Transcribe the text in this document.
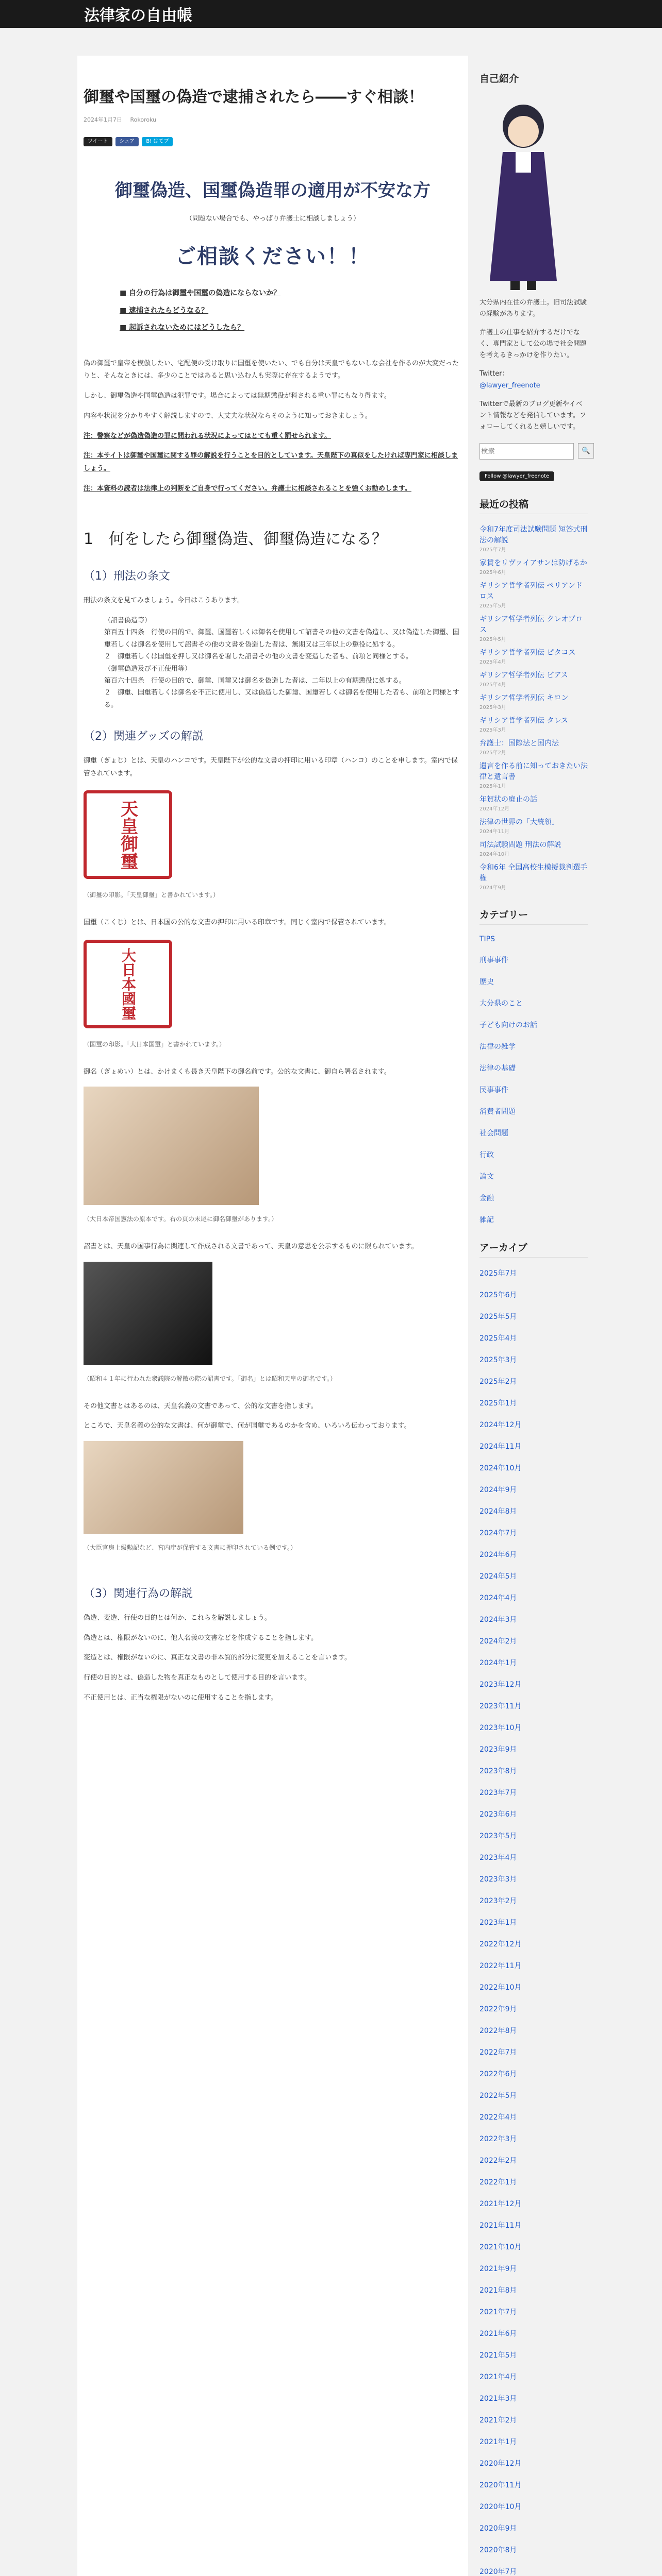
法律家の自由帳
御璽や国璽の偽造で逮捕されたら――すぐ相談！
2024年1月7日 Rokoroku
ツイート	シェア	B! はてブ
御璽偽造、国璽偽造罪の適用が不安な方
（問題ない場合でも、やっぱり弁護士に相談しましょう）
ご相談ください！！
■ 自分の行為は御璽や国璽の偽造にならないか？
■ 逮捕されたらどうなる？
■ 起訴されないためにはどうしたら？

偽の御璽で皇帝を模倣したい、宅配便の受け取りに国璽を使いたい、でも自分は天皇でもないしな会社を作るのが大変だったりと、そんなときには、多少のことではあると思い込む人も実際に存在するようです。

しかし、御璽偽造や国璽偽造は犯罪です。場合によっては無期懲役が科される重い罪にもなり得ます。

内容や状況を分かりやすく解説しますので、大丈夫な状況ならそのように知っておきましょう。

注：警察などが偽造偽造の罪に問われる状況によってはとても重く罰せられます。

注：本サイトは御璽や国璽に関する罪の解説を行うことを目的としています。天皇陛下の真似をしたければ専門家に相談しましょう。

注：本資料の読者は法律上の判断をご自身で行ってください。弁護士に相談されることを強くお勧めします。

1　何をしたら御璽偽造、御璽偽造になる？
（1）刑法の条文

刑法の条文を見てみましょう。今日はこうあります。

（詔書偽造等）
第百五十四条　行使の目的で、御璽、国璽若しくは御名を使用して詔書その他の文書を偽造し、又は偽造した御璽、国璽若しくは御名を使用して詔書その他の文書を偽造した者は、無期又は三年以上の懲役に処する。
２　御璽若しくは国璽を押し又は御名を署した詔書その他の文書を変造した者も、前項と同様とする。
（御璽偽造及び不正使用等）
第百六十四条　行使の目的で、御璽、国璽又は御名を偽造した者は、二年以上の有期懲役に処する。
２　御璽、国璽若しくは御名を不正に使用し、又は偽造した御璽、国璽若しくは御名を使用した者も、前項と同様とする。
（2）関連グッズの解説

御璽（ぎょじ）とは、天皇のハンコです。天皇陛下が公的な文書の押印に用いる印章（ハンコ）のことを申します。室内で保管されています。

天皇御璽

（御璽の印影。「天皇御璽」と書かれています。）

国璽（こくじ）とは、日本国の公的な文書の押印に用いる印章です。同じく室内で保管されています。

大日本國璽

（国璽の印影。「大日本国璽」と書かれています。）

御名（ぎょめい）とは、かけまくも畏き天皇陛下の御名前です。公的な文書に、御自ら署名されます。

（大日本帝国憲法の原本です。右の頁の末尾に御名御璽があります。）

詔書とは、天皇の国事行為に関連して作成される文書であって、天皇の意思を公示するものに限られています。

（昭和４１年に行われた衆議院の解散の際の詔書です。「御名」とは昭和天皇の御名です。）

その他文書とはあるのは、天皇名義の文書であって、公的な文書を指します。

ところで、天皇名義の公的な文書は、何が御璽で、何が国璽であるのかを含め、いろいろ伝わっております。

（大臣官房上級勲記など、宮内庁が保管する文書に押印されている例です。）

（3）関連行為の解説

偽造、変造、行使の目的とは何か、これらを解説しましょう。

偽造とは、権限がないのに、他人名義の文書などを作成することを指します。

変造とは、権限がないのに、真正な文書の非本質的部分に変更を加えることを言います。

行使の目的とは、偽造した物を真正なものとして使用する目的を言います。

不正使用とは、正当な権限がないのに使用することを指します。

自己紹介

大分県内在住の弁護士。旧司法試験の経験があります。

弁護士の仕事を紹介するだけでなく、専門家として公の場で社会問題を考えるきっかけを作りたい。

Twitter：
@lawyer_freenote

Twitterで最新のブログ更新やイベント情報などを発信しています。フォローしてくれると嬉しいです。

検索
🔍
Follow @lawyer_freenote
最近の投稿
令和7年度司法試験問題 短答式刑法の解説
2025年7月
家賃をリヴァイアサンは防げるか
2025年6月
ギリシア哲学者列伝 ペリアンドロス
2025年5月
ギリシア哲学者列伝 クレオブロス
2025年5月
ギリシア哲学者列伝 ピタコス
2025年4月
ギリシア哲学者列伝 ビアス
2025年4月
ギリシア哲学者列伝 キロン
2025年3月
ギリシア哲学者列伝 タレス
2025年3月
弁護士：国際法と国内法
2025年2月
遺言を作る前に知っておきたい法律と遺言書
2025年1月
年賀状の廃止の話
2024年12月
法律の世界の「大統領」
2024年11月
司法試験問題 刑法の解説
2024年10月
令和6年 全国高校生模擬裁判選手権
2024年9月
カテゴリー
TIPS
刑事事件
歴史
大分県のこと
子ども向けのお話
法律の雑学
法律の基礎
民事事件
消費者問題
社会問題
行政
論文
金融
雑記
アーカイブ
2025年7月
2025年6月
2025年5月
2025年4月
2025年3月
2025年2月
2025年1月
2024年12月
2024年11月
2024年10月
2024年9月
2024年8月
2024年7月
2024年6月
2024年5月
2024年4月
2024年3月
2024年2月
2024年1月
2023年12月
2023年11月
2023年10月
2023年9月
2023年8月
2023年7月
2023年6月
2023年5月
2023年4月
2023年3月
2023年2月
2023年1月
2022年12月
2022年11月
2022年10月
2022年9月
2022年8月
2022年7月
2022年6月
2022年5月
2022年4月
2022年3月
2022年2月
2022年1月
2021年12月
2021年11月
2021年10月
2021年9月
2021年8月
2021年7月
2021年6月
2021年5月
2021年4月
2021年3月
2021年2月
2021年1月
2020年12月
2020年11月
2020年10月
2020年9月
2020年8月
2020年7月
